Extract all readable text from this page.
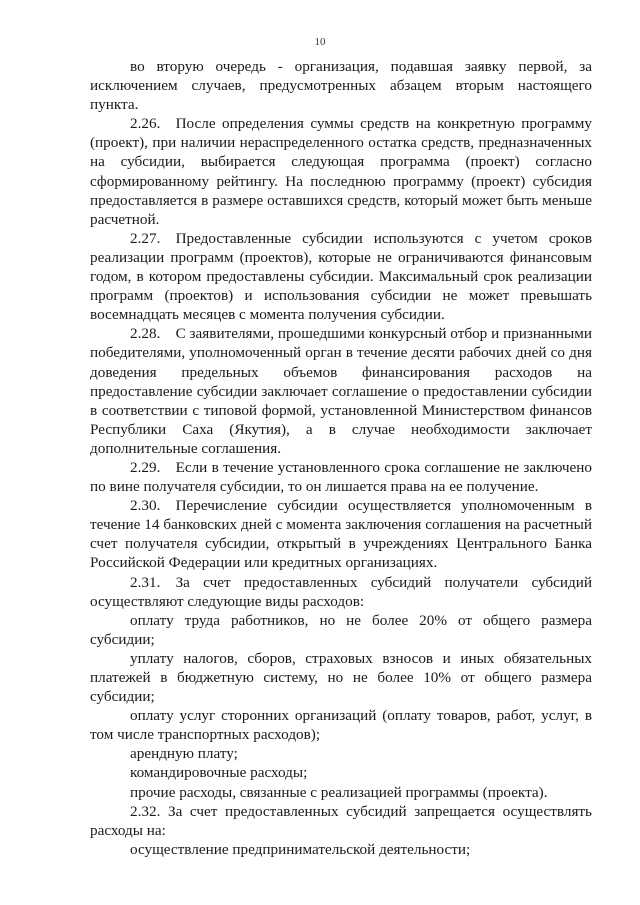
10

во вторую очередь - организация, подавшая заявку первой, за исключением случаев, предусмотренных абзацем вторым настоящего пункта.

2.26. После определения суммы средств на конкретную программу (проект), при наличии нераспределенного остатка средств, предназначенных на субсидии, выбирается следующая программа (проект) согласно сформированному рейтингу. На последнюю программу (проект) субсидия предоставляется в размере оставшихся средств, который может быть меньше расчетной.

2.27. Предоставленные субсидии используются с учетом сроков реализации программ (проектов), которые не ограничиваются финансовым годом, в котором предоставлены субсидии. Максимальный срок реализации программ (проектов) и использования субсидии не может превышать восемнадцать месяцев с момента получения субсидии.

2.28. С заявителями, прошедшими конкурсный отбор и признанными победителями, уполномоченный орган в течение десяти рабочих дней со дня доведения предельных объемов финансирования расходов на предоставление субсидии заключает соглашение о предоставлении субсидии в соответствии с типовой формой, установленной Министерством финансов Республики Саха (Якутия), а в случае необходимости заключает дополнительные соглашения.

2.29. Если в течение установленного срока соглашение не заключено по вине получателя субсидии, то он лишается права на ее получение.

2.30. Перечисление субсидии осуществляется уполномоченным в течение 14 банковских дней с момента заключения соглашения на расчетный счет получателя субсидии, открытый в учреждениях Центрального Банка Российской Федерации или кредитных организациях.

2.31. За счет предоставленных субсидий получатели субсидий осуществляют следующие виды расходов:

оплату труда работников, но не более 20% от общего размера субсидии;

уплату налогов, сборов, страховых взносов и иных обязательных платежей в бюджетную систему, но не более 10% от общего размера субсидии;

оплату услуг сторонних организаций (оплату товаров, работ, услуг, в том числе транспортных расходов);

арендную плату;

командировочные расходы;

прочие расходы, связанные с реализацией программы (проекта).

2.32. За счет предоставленных субсидий запрещается осуществлять расходы на:

осуществление предпринимательской деятельности;
